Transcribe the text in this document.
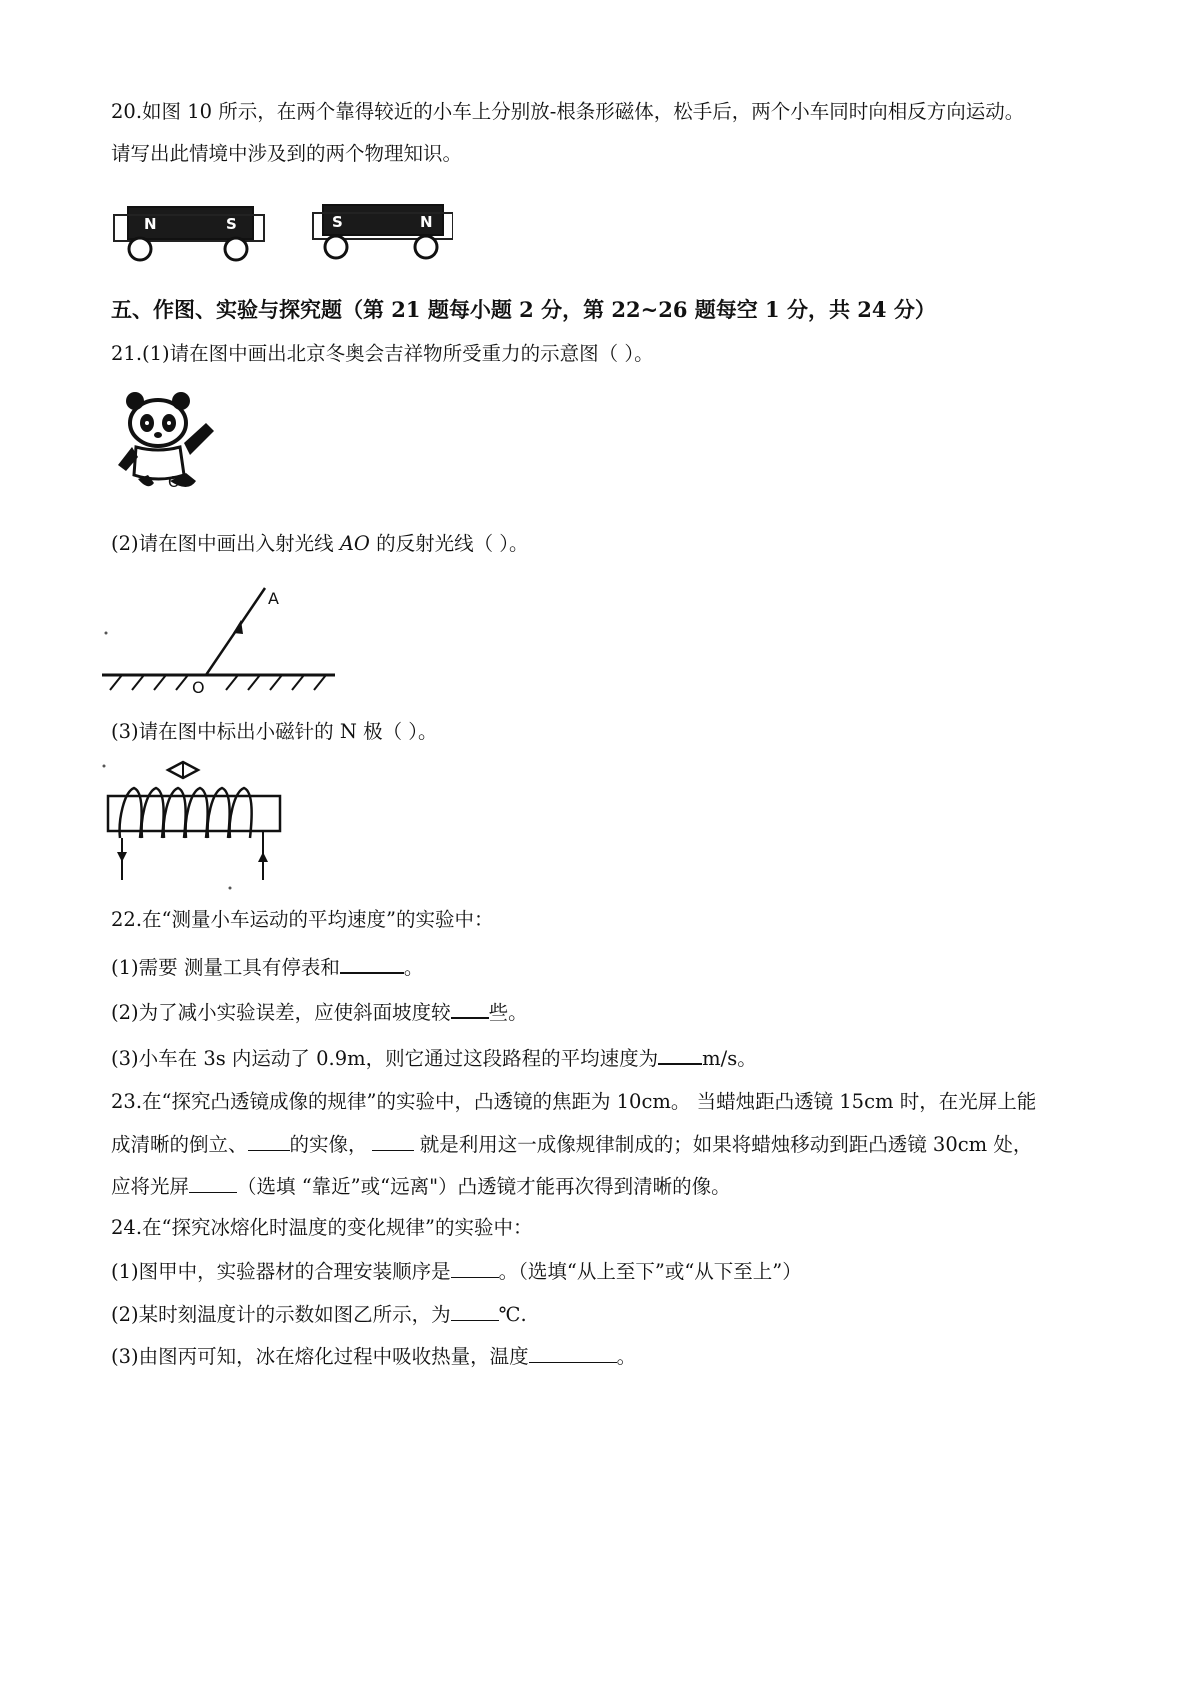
20.如图 10 所示，在两个靠得较近的小车上分别放-根条形磁体，松手后，两个小车同时向相反方向运动。
请写出此情境中涉及到的两个物理知识。
N	S	S	N
五、作图、实验与探究题（第 21 题每小题 2 分，第 22~26 题每空 1 分，共 24 分）
21.(1)请在图中画出北京冬奥会吉祥物所受重力的示意图（ ）。
O
(2)请在图中画出入射光线 AO 的反射光线（ ）。
A
O
(3)请在图中标出小磁针的 N 极（ ）。
22.在“测量小车运动的平均速度”的实验中：
(1)需要 测量工具有停表和	。
(2)为了减小实验误差，应使斜面坡度较 些。
(3)小车在 3s 内运动了 0.9m，则它通过这段路程的平均速度为 m/s。
23.在“探究凸透镜成像的规律”的实验中，凸透镜的焦距为 10cm。 当蜡烛距凸透镜 15cm 时，在光屏上能
成清晰的倒立、 的实像， 就是利用这一成像规律制成的；如果将蜡烛移动到距凸透镜 30cm 处，
应将光屏 （选填 “靠近”或“远离"）凸透镜才能再次得到清晰的像。
24.在“探究冰熔化时温度的变化规律”的实验中：
(1)图甲中，实验器材的合理安装顺序是 。（选填“从上至下”或“从下至上”）
(2)某时刻温度计的示数如图乙所示，为 ℃.
(3)由图丙可知，冰在熔化过程中吸收热量，温度	。
